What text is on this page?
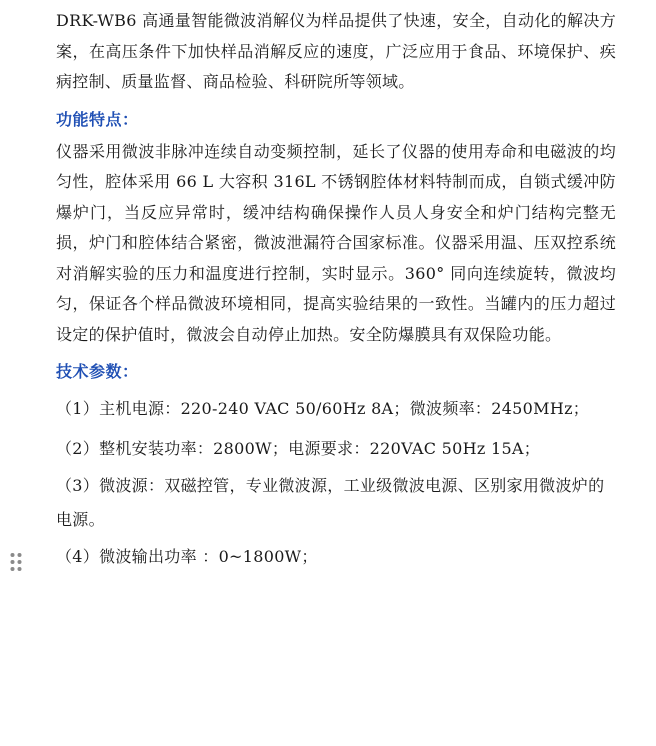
DRK-WB6 高通量智能微波消解仪为样品提供了快速，安全，自动化的解决方案，在高压条件下加快样品消解反应的速度，广泛应用于食品、环境保护、疾病控制、质量监督、商品检验、科研院所等领域。

功能特点：

仪器采用微波非脉冲连续自动变频控制，延长了仪器的使用寿命和电磁波的均匀性，腔体采用 66 L 大容积 316L 不锈钢腔体材料特制而成，自锁式缓冲防爆炉门，当反应异常时，缓冲结构确保操作人员人身安全和炉门结构完整无损，炉门和腔体结合紧密，微波泄漏符合国家标准。仪器采用温、压双控系统对消解实验的压力和温度进行控制，实时显示。360° 同向连续旋转，微波均匀，保证各个样品微波环境相同，提高实验结果的一致性。当罐内的压力超过设定的保护值时，微波会自动停止加热。安全防爆膜具有双保险功能。

技术参数：

（1）主机电源：220-240 VAC 50/60Hz 8A；微波频率：2450MHz；

（2）整机安装功率：2800W；电源要求：220VAC 50Hz 15A；

（3）微波源：双磁控管，专业微波源，工业级微波电源、区别家用微波炉的电源。

（4）微波输出功率 ：0~1800W；
